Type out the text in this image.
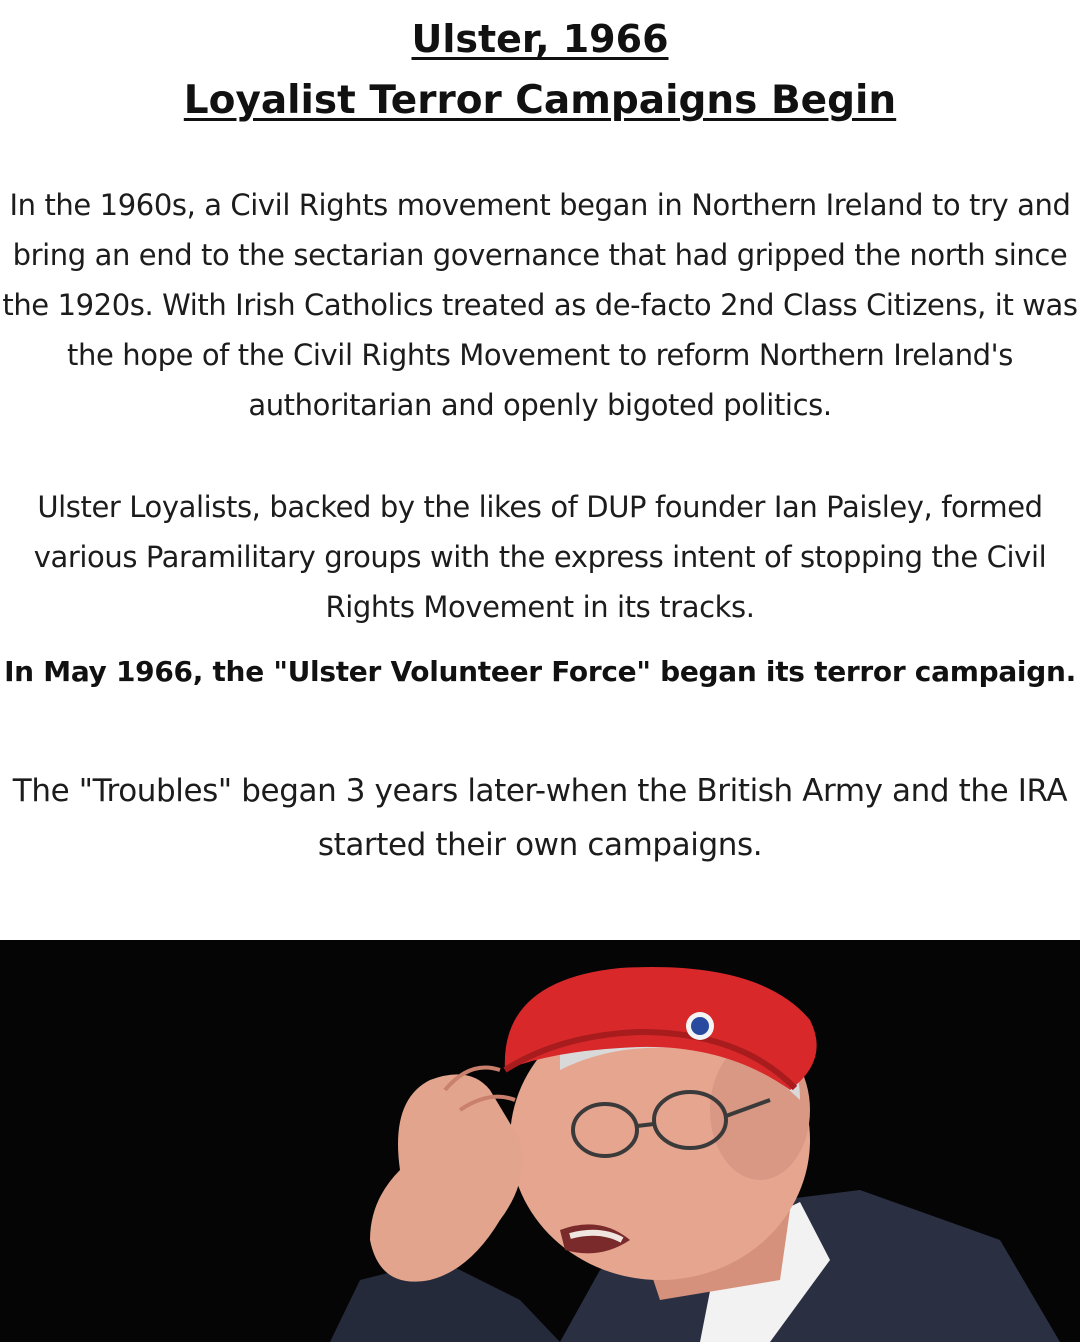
Ulster, 1966
Loyalist Terror Campaigns Begin

In the 1960s, a Civil Rights movement began in Northern Ireland to try and bring an end to the sectarian governance that had gripped the north since the 1920s. With Irish Catholics treated as de-facto 2nd Class Citizens, it was the hope of the Civil Rights Movement to reform Northern Ireland's authoritarian and openly bigoted politics.

Ulster Loyalists, backed by the likes of DUP founder Ian Paisley, formed various Paramilitary groups with the express intent of stopping the Civil Rights Movement in its tracks.

In May 1966, the "Ulster Volunteer Force" began its terror campaign.

The "Troubles" began 3 years later-when the British Army and the IRA started their own campaigns.
